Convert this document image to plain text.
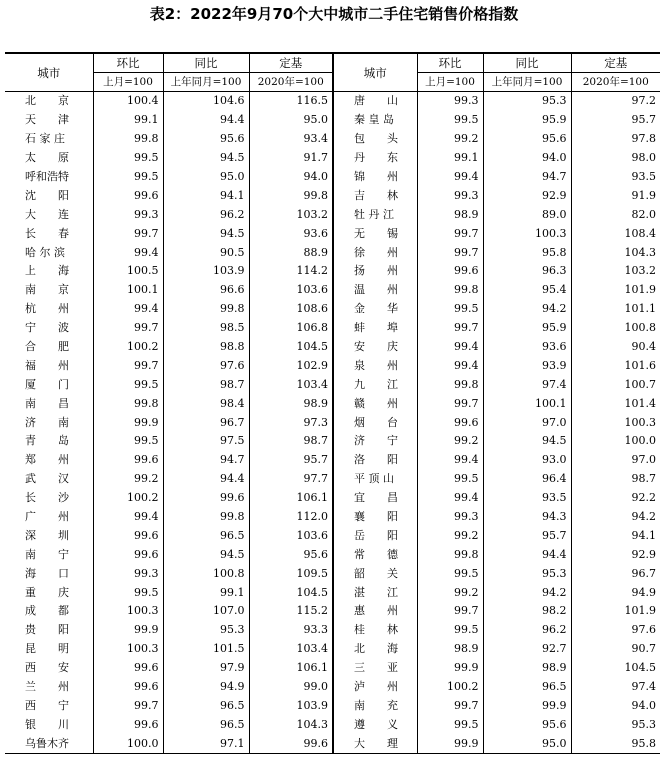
表2：2022年9月70个大中城市二手住宅销售价格指数
城市	环比	同比	定基	城市	环比	同比	定基
	上月=100	上年同月=100	2020年=100		上月=100	上年同月=100	2020年=100
北　　京	100.4	104.6	116.5	唐　　山	99.3	95.3	97.2
天　　津	99.1	94.4	95.0	秦 皇 岛	99.5	95.9	95.7
石 家 庄	99.8	95.6	93.4	包　　头	99.2	95.6	97.8
太　　原	99.5	94.5	91.7	丹　　东	99.1	94.0	98.0
呼和浩特	99.5	95.0	94.0	锦　　州	99.4	94.7	93.5
沈　　阳	99.6	94.1	99.8	吉　　林	99.3	92.9	91.9
大　　连	99.3	96.2	103.2	牡 丹 江	98.9	89.0	82.0
长　　春	99.7	94.5	93.6	无　　锡	99.7	100.3	108.4
哈 尔 滨	99.4	90.5	88.9	徐　　州	99.7	95.8	104.3
上　　海	100.5	103.9	114.2	扬　　州	99.6	96.3	103.2
南　　京	100.1	96.6	103.6	温　　州	99.8	95.4	101.9
杭　　州	99.4	99.8	108.6	金　　华	99.5	94.2	101.1
宁　　波	99.7	98.5	106.8	蚌　　埠	99.7	95.9	100.8
合　　肥	100.2	98.8	104.5	安　　庆	99.4	93.6	90.4
福　　州	99.7	97.6	102.9	泉　　州	99.4	93.9	101.6
厦　　门	99.5	98.7	103.4	九　　江	99.8	97.4	100.7
南　　昌	99.8	98.4	98.9	赣　　州	99.7	100.1	101.4
济　　南	99.9	96.7	97.3	烟　　台	99.6	97.0	100.3
青　　岛	99.5	97.5	98.7	济　　宁	99.2	94.5	100.0
郑　　州	99.6	94.7	95.7	洛　　阳	99.4	93.0	97.0
武　　汉	99.2	94.4	97.7	平 顶 山	99.5	96.4	98.7
长　　沙	100.2	99.6	106.1	宜　　昌	99.4	93.5	92.2
广　　州	99.4	99.8	112.0	襄　　阳	99.3	94.3	94.2
深　　圳	99.6	96.5	103.6	岳　　阳	99.2	95.7	94.1
南　　宁	99.6	94.5	95.6	常　　德	99.8	94.4	92.9
海　　口	99.3	100.8	109.5	韶　　关	99.5	95.3	96.7
重　　庆	99.5	99.1	104.5	湛　　江	99.2	94.2	94.9
成　　都	100.3	107.0	115.2	惠　　州	99.7	98.2	101.9
贵　　阳	99.9	95.3	93.3	桂　　林	99.5	96.2	97.6
昆　　明	100.3	101.5	103.4	北　　海	98.9	92.7	90.7
西　　安	99.6	97.9	106.1	三　　亚	99.9	98.9	104.5
兰　　州	99.6	94.9	99.0	泸　　州	100.2	96.5	97.4
西　　宁	99.7	96.5	103.9	南　　充	99.7	99.9	94.0
银　　川	99.6	96.5	104.3	遵　　义	99.5	95.6	95.3
乌鲁木齐	100.0	97.1	99.6	大　　理	99.9	95.0	95.8
